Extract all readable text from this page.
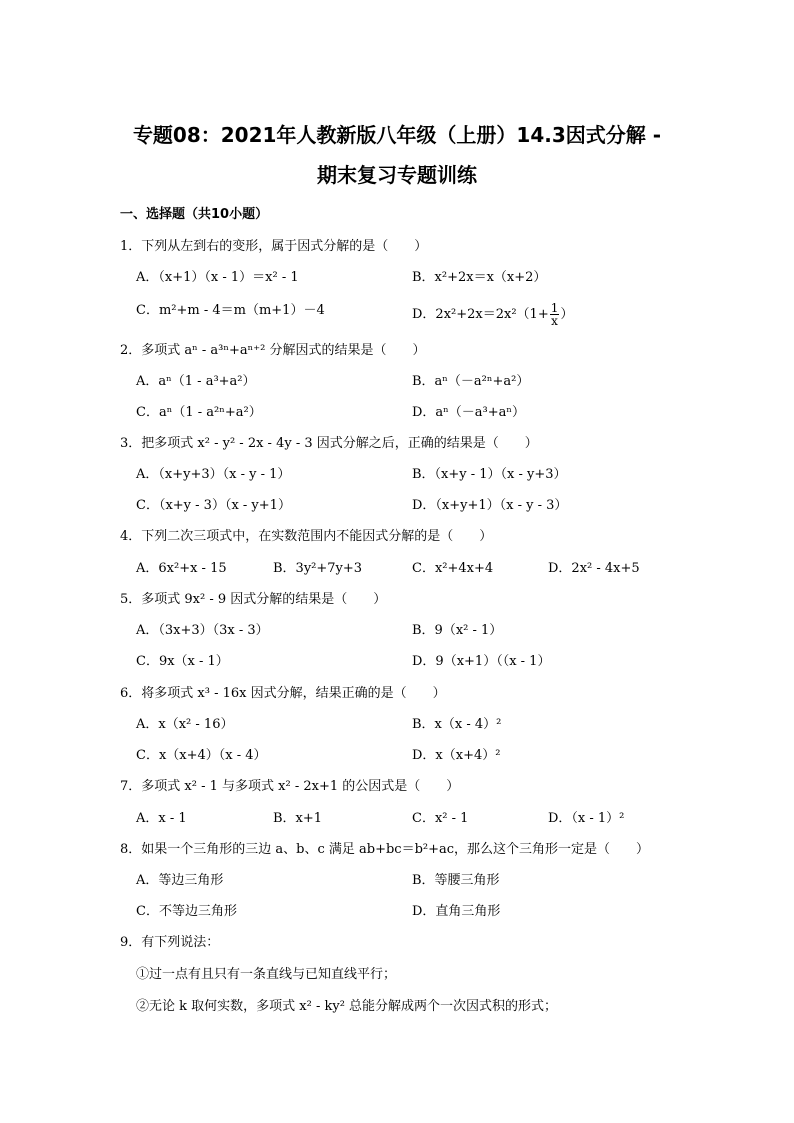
专题08：2021年人教新版八年级（上册）14.3因式分解 -
期末复习专题训练
一、选择题（共10小题）
1．下列从左到右的变形，属于因式分解的是（　　）
A．（x+1）（x - 1）＝x² - 1	B．x²+2x＝x（x+2）
C．m²+m - 4＝m（m+1）－4	D．$2x^2+2x=2x^2(1+ \frac{1}{x}$ ）
2．多项式 aⁿ - a³ⁿ+aⁿ⁺² 分解因式的结果是（　　）
A．aⁿ（1 - a³+a²）	B．aⁿ（－a²ⁿ+a²）
C．aⁿ（1 - a²ⁿ+a²）	D．aⁿ（－a³+aⁿ）
3．把多项式 x² - y² - 2x - 4y - 3 因式分解之后，正确的结果是（　　）
A．（x+y+3）（x - y - 1）	B．（x+y - 1）（x - y+3）
C．（x+y - 3）（x - y+1）	D．（x+y+1）（x - y - 3）
4．下列二次三项式中，在实数范围内不能因式分解的是（　　）
A．6x²+x - 15	B．3y²+7y+3	C．x²+4x+4	D．2x² - 4x+5
5．多项式 9x² - 9 因式分解的结果是（　　）
A．（3x+3）（3x - 3）	B．9（x² - 1）
C．9x（x - 1）	D．9（x+1）（（x - 1）
6．将多项式 x³ - 16x 因式分解，结果正确的是（　　）
A．x（x² - 16）	B．x（x - 4）²
C．x（x+4）（x - 4）	D．x（x+4）²
7．多项式 x² - 1 与多项式 x² - 2x+1 的公因式是（　　）
A．x - 1	B．x+1	C．x² - 1	D．（x - 1）²
8．如果一个三角形的三边 a、b、c 满足 ab+bc＝b²+ac，那么这个三角形一定是（　　）
A．等边三角形	B．等腰三角形
C．不等边三角形	D．直角三角形
9．有下列说法：
①过一点有且只有一条直线与已知直线平行；
②无论 k 取何实数，多项式 x² - ky² 总能分解成两个一次因式积的形式；
